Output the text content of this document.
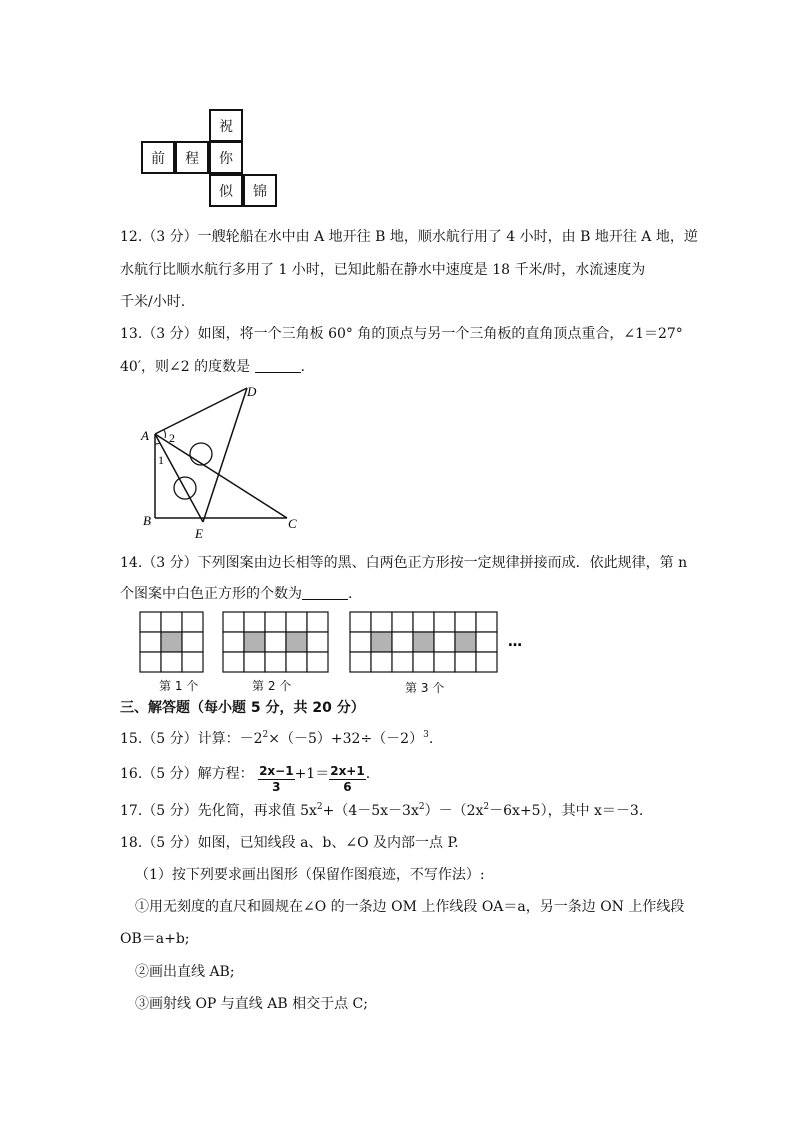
祝
前	程	你
似	锦
12.（3 分）一艘轮船在水中由 A 地开往 B 地，顺水航行用了 4 小时，由 B 地开往 A 地，逆
水航行比顺水航行多用了 1 小时，已知此船在静水中速度是 18 千米/时，水流速度为
千米/小时.
13.（3 分）如图，将一个三角板 60° 角的顶点与另一个三角板的直角顶点重合，∠1＝27°
40′，则∠2 的度数是	.
A
B	C
D
E
1
2
14.（3 分）下列图案由边长相等的黑、白两色正方形按一定规律拼接而成．依此规律，第 n
个图案中白色正方形的个数为	.
…
第 1 个	第 2 个	第 3 个
三、解答题（每小题 5 分，共 20 分）
15.（5 分）计算：$-2^2\times(-5)+32\div(-2)^3$.
16.（5 分）解方程： $\frac{2x-1}{3} +1= \frac{2x+1}{6}$ .
17.（5 分）先化简，再求值 $5x^2+(4-5x-3x^2)-(2x^2-6x+5)$，其中 x＝－3.
18.（5 分）如图，已知线段 a、b、∠O 及内部一点 P.
（1）按下列要求画出图形（保留作图痕迹，不写作法）:
①用无刻度的直尺和圆规在∠O 的一条边 OM 上作线段 OA＝a，另一条边 ON 上作线段
OB＝a+b;
②画出直线 AB;
③画射线 OP 与直线 AB 相交于点 C;
